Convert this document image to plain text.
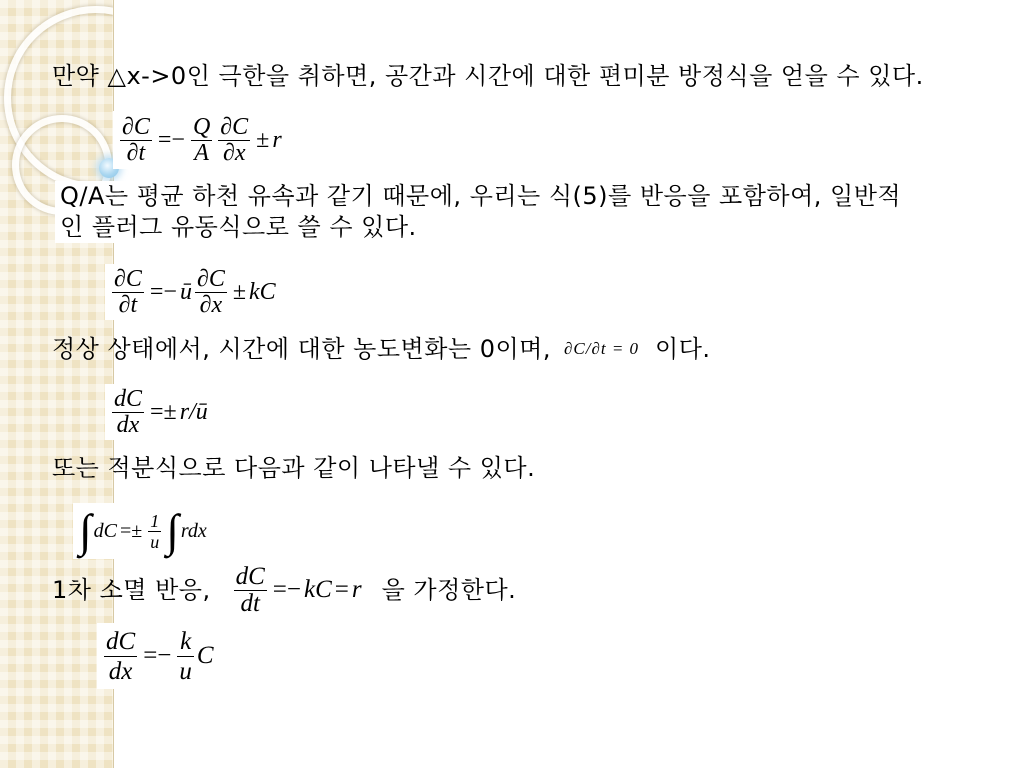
만약 △x->0인 극한을 취하면, 공간과 시간에 대한 편미분 방정식을 얻을 수 있다.
$\frac{\partial C}{\partial t} =- \frac{Q}{A} \frac{\partial C}{\partial x} \pm r$
Q/A는 평균 하천 유속과 같기 때문에, 우리는 식(5)를 반응을 포함하여, 일반적
인 플러그 유동식으로 쓸 수 있다.
$\frac{\partial C}{\partial t}$ =− ū $\frac{\partial C}{\partial x}$ ± kC
정상 상태에서, 시간에 대한 농도변화는 0이며, ∂C/∂t = 0 이다.
$\frac{dC}{dx}$ =± r/ū
또는 적분식으로 다음과 같이 나타낼 수 있다.
∫ dC =± $\frac{1}{u}$ ∫ rdx
1차 소멸 반응, $\frac{dC}{dt}$ =− kC = r 을 가정한다.
$\frac{dC}{dx} =- \frac{k}{u}$ C
